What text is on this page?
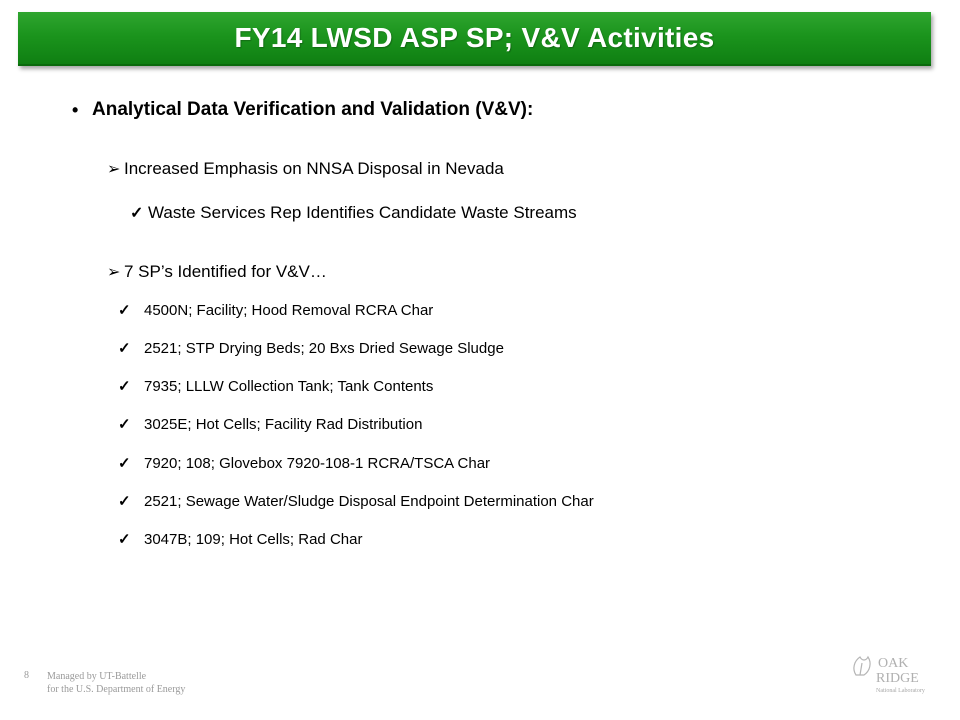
FY14 LWSD ASP SP; V&V Activities
• Analytical Data Verification and Validation (V&V):
➢ Increased Emphasis on NNSA Disposal in Nevada
✓ Waste Services Rep Identifies Candidate Waste Streams
➢ 7 SP’s Identified for V&V…
✓ 4500N; Facility; Hood Removal RCRA Char
✓ 2521; STP Drying Beds; 20 Bxs Dried Sewage Sludge
✓ 7935; LLLW Collection Tank; Tank Contents
✓ 3025E; Hot Cells; Facility Rad Distribution
✓ 7920; 108; Glovebox 7920-108-1 RCRA/TSCA Char
✓ 2521; Sewage Water/Sludge Disposal Endpoint Determination Char
✓ 3047B; 109; Hot Cells; Rad Char
8 Managed by UT-Battelle
for the U.S. Department of Energy
OAK
RIDGE
National Laboratory
